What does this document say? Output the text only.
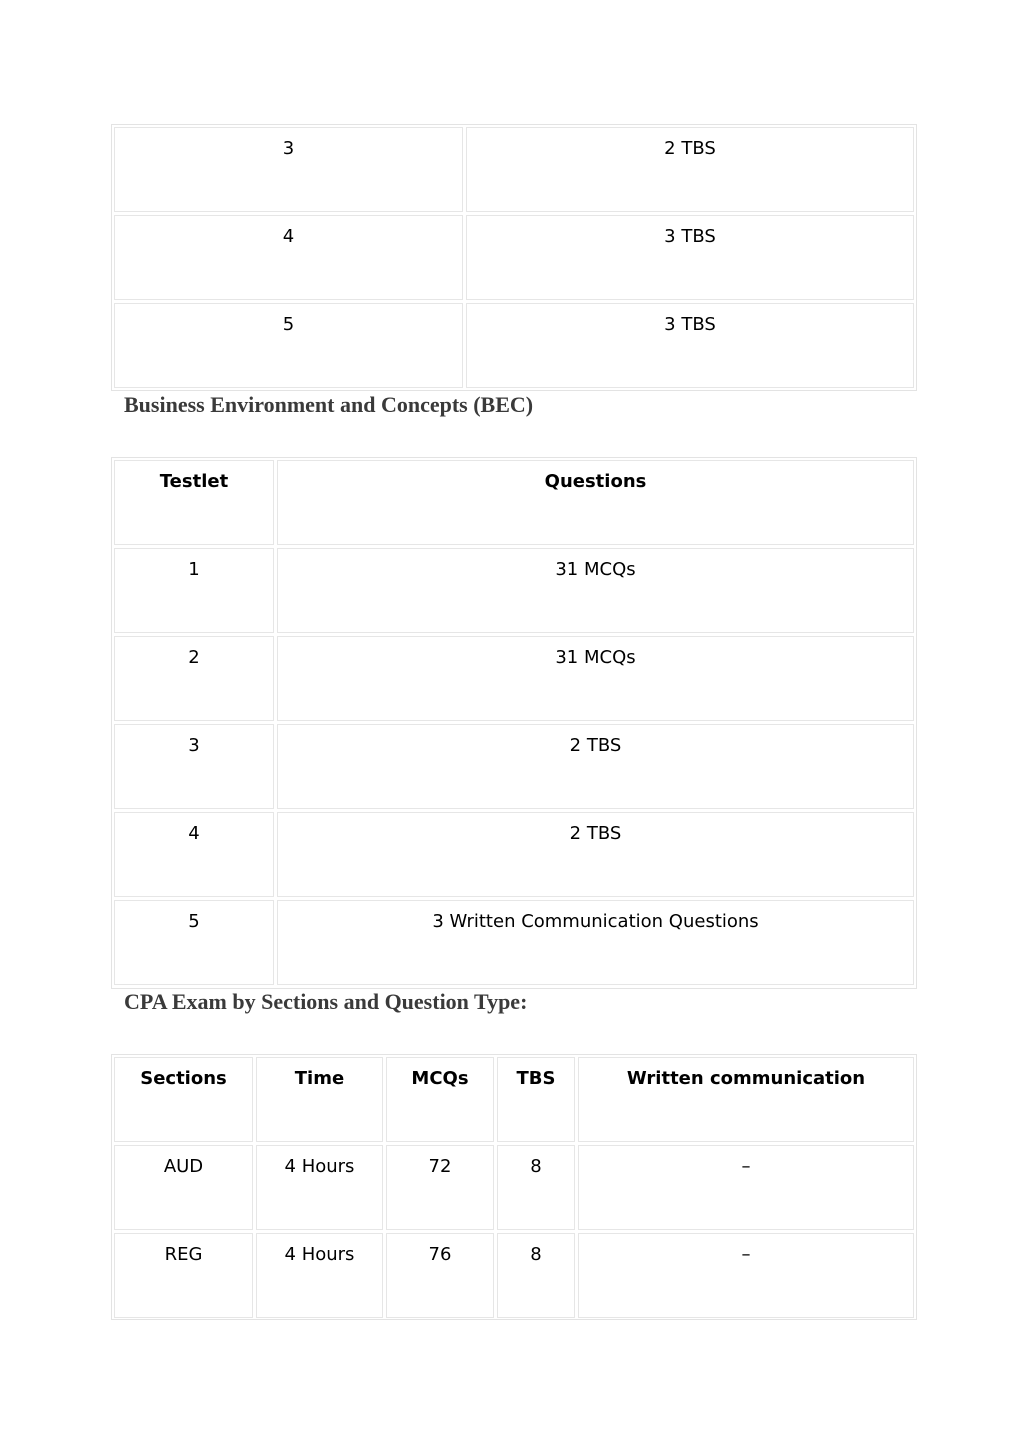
3	2 TBS
4	3 TBS
5	3 TBS
Business Environment and Concepts (BEC)
Testlet	Questions
1	31 MCQs
2	31 MCQs
3	2 TBS
4	2 TBS
5	3 Written Communication Questions
CPA Exam by Sections and Question Type:
Sections	Time	MCQs	TBS	Written communication
AUD	4 Hours	72	8	–
REG	4 Hours	76	8	–
